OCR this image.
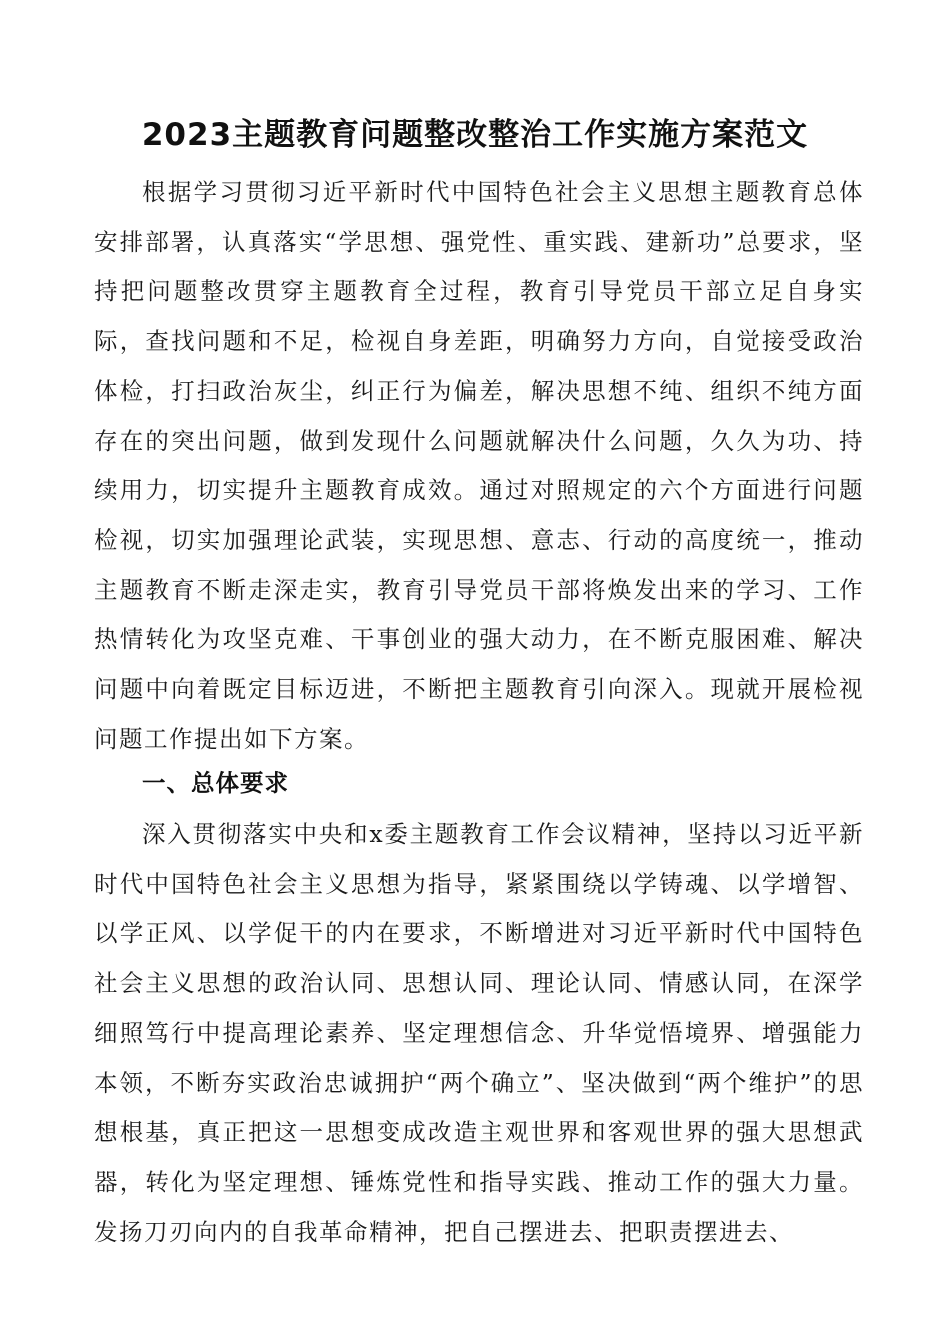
2023主题教育问题整改整治工作实施方案范文

根据学习贯彻习近平新时代中国特色社会主义思想主题教育总体安排部署，认真落实“学思想、强党性、重实践、建新功”总要求，坚持把问题整改贯穿主题教育全过程，教育引导党员干部立足自身实际，查找问题和不足，检视自身差距，明确努力方向，自觉接受政治体检，打扫政治灰尘，纠正行为偏差，解决思想不纯、组织不纯方面存在的突出问题，做到发现什么问题就解决什么问题，久久为功、持续用力，切实提升主题教育成效。通过对照规定的六个方面进行问题检视，切实加强理论武装，实现思想、意志、行动的高度统一，推动主题教育不断走深走实，教育引导党员干部将焕发出来的学习、工作热情转化为攻坚克难、干事创业的强大动力，在不断克服困难、解决问题中向着既定目标迈进，不断把主题教育引向深入。现就开展检视问题工作提出如下方案。

一、总体要求

深入贯彻落实中央和x委主题教育工作会议精神，坚持以习近平新时代中国特色社会主义思想为指导，紧紧围绕以学铸魂、以学增智、以学正风、以学促干的内在要求，不断增进对习近平新时代中国特色社会主义思想的政治认同、思想认同、理论认同、情感认同，在深学细照笃行中提高理论素养、坚定理想信念、升华觉悟境界、增强能力本领，不断夯实政治忠诚拥护“两个确立”、坚决做到“两个维护”的思想根基，真正把这一思想变成改造主观世界和客观世界的强大思想武器，转化为坚定理想、锤炼党性和指导实践、推动工作的强大力量。发扬刀刃向内的自我革命精神，把自己摆进去、把职责摆进去、
